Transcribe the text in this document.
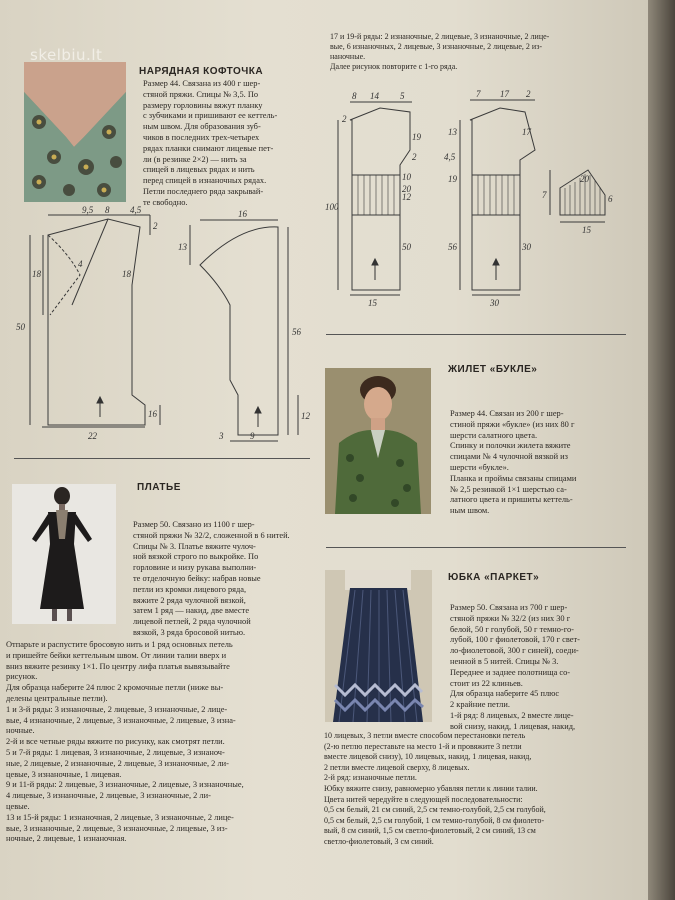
skelbiu.lt
НАРЯДНАЯ КОФТОЧКА
Размер 44. Связана из 400 г шер-
стяной пряжи. Спицы № 3,5. По
размеру горловины вяжут планку
с зубчиками и пришивают ее кеттель-
ным швом. Для образования зуб-
чиков в последних трех-четырех
рядах планки снимают лицевые пет-
ли (в резинке 2×2) — нить за
спицей в лицевых рядах и нить
перед спицей в изнаночных рядах.
Петли последнего ряда закрывай-
те свободно.
9,5 8 4,5
2
18	18
50
16
22
4
16
13
56
12
3	9
17 и 19-й ряды: 2 изнаночные, 2 лицевые, 3 изнаночные, 2 лице-
вые, 6 изнаночных, 2 лицевые, 3 изнаночные, 2 лицевые, 2 из-
наночные.
Далее рисунок повторите с 1-го ряда.
8 14 5
2
19
2
10
12
20
100
50
15
7 17 2
13	17
4,5
19
56	30
30
20
7
15
6
ЖИЛЕТ «БУКЛЕ»
Размер 44. Связан из 200 г шер-
стиной пряжи «букле» (из них 80 г
шерсти салатного цвета.
Спинку и полочки жилета вяжите
спицами № 4 чулочной вязкой из
шерсти «букле».
Планка и проймы связаны спицами
№ 2,5 резинкой 1×1 шерстью са-
латного цвета и пришиты кеттель-
ным швом.
ПЛАТЬЕ
Размер 50. Связано из 1100 г шер-
стяной пряжи № 32/2, сложенной в 6 нитей.
Спицы № 3. Платье вяжите чулоч-
ной вязкой строго по выкройке. По
горловине и низу рукава выполни-
те отделочную бейку: набрав новые
петли из кромки лицевого ряда,
вяжите 2 ряда чулочной вязкой,
затем 1 ряд — накид, две вместе
лицевой петлей, 2 ряда чулочной
вязкой, 3 ряда бросовой нитью.
Отпарьте и распустите бросовую нить и 1 ряд основных петель
и пришейте бейки кеттельным швом. От линии талии вверх и
вниз вяжите резинку 1×1. По центру лифа платья вывязывайте
рисунок.
Для образца наберите 24 плюс 2 кромочные петли (ниже вы-
делены центральные петли).
1 и 3-й ряды: 3 изнаночные, 2 лицевые, 3 изнаночные, 2 лице-
вые, 4 изнаночные, 2 лицевые, 3 изнаночные, 2 лицевые, 3 изна-
ночные.
2-й и все четные ряды вяжите по рисунку, как смотрят петли.
5 и 7-й ряды: 1 лицевая, 3 изнаночные, 2 лицевые, 3 изнаноч-
ные, 2 лицевые, 2 изнаночные, 2 лицевые, 3 изнаночные, 2 ли-
цевые, 3 изнаночные, 1 лицевая.
9 и 11-й ряды: 2 лицевые, 3 изнаночные, 2 лицевые, 3 изнаночные,
4 лицевые, 3 изнаночные, 2 лицевые, 3 изнаночные, 2 ли-
цевые.
13 и 15-й ряды: 1 изнаночная, 2 лицевые, 3 изнаночные, 2 лице-
вые, 3 изнаночные, 2 лицевые, 3 изнаночные, 2 лицевые, 3 из-
ночные, 2 лицевые, 1 изнаночная.
ЮБКА «ПАРКЕТ»
Размер 50. Связана из 700 г шер-
стяной пряжи № 32/2 (из них 30 г
белой, 50 г голубой, 50 г темно-го-
лубой, 100 г фиолетовой, 170 г свет-
ло-фиолетовой, 300 г синей), соеди-
ненной в 5 нитей. Спицы № 3.
Переднее и заднее полотнища со-
стоит из 22 клиньев.
Для образца наберите 45 плюс
2 крайние петли.
1-й ряд: 8 лицевых, 2 вместе лице-
вой снизу, накид, 1 лицевая, накид,
10 лицевых, 3 петли вместе способом перестановки петель
(2-ю петлю переставьте на место 1-й и провяжите 3 петли
вместе лицевой снизу), 10 лицевых, накид, 1 лицевая, накид,
2 петли вместе лицевой сверху, 8 лицевых.
2-й ряд: изнаночные петли.
Юбку вяжите снизу, равномерно убавляя петли к линии талии.
Цвета нитей чередуйте в следующей последовательности:
0,5 см белый, 21 см синий, 2,5 см темно-голубой, 2,5 см голубой,
0,5 см белый, 2,5 см голубой, 1 см темно-голубой, 8 см фиолето-
вый, 8 см синий, 1,5 см светло-фиолетовый, 2 см синий, 13 см
светло-фиолетовый, 3 см синий.
